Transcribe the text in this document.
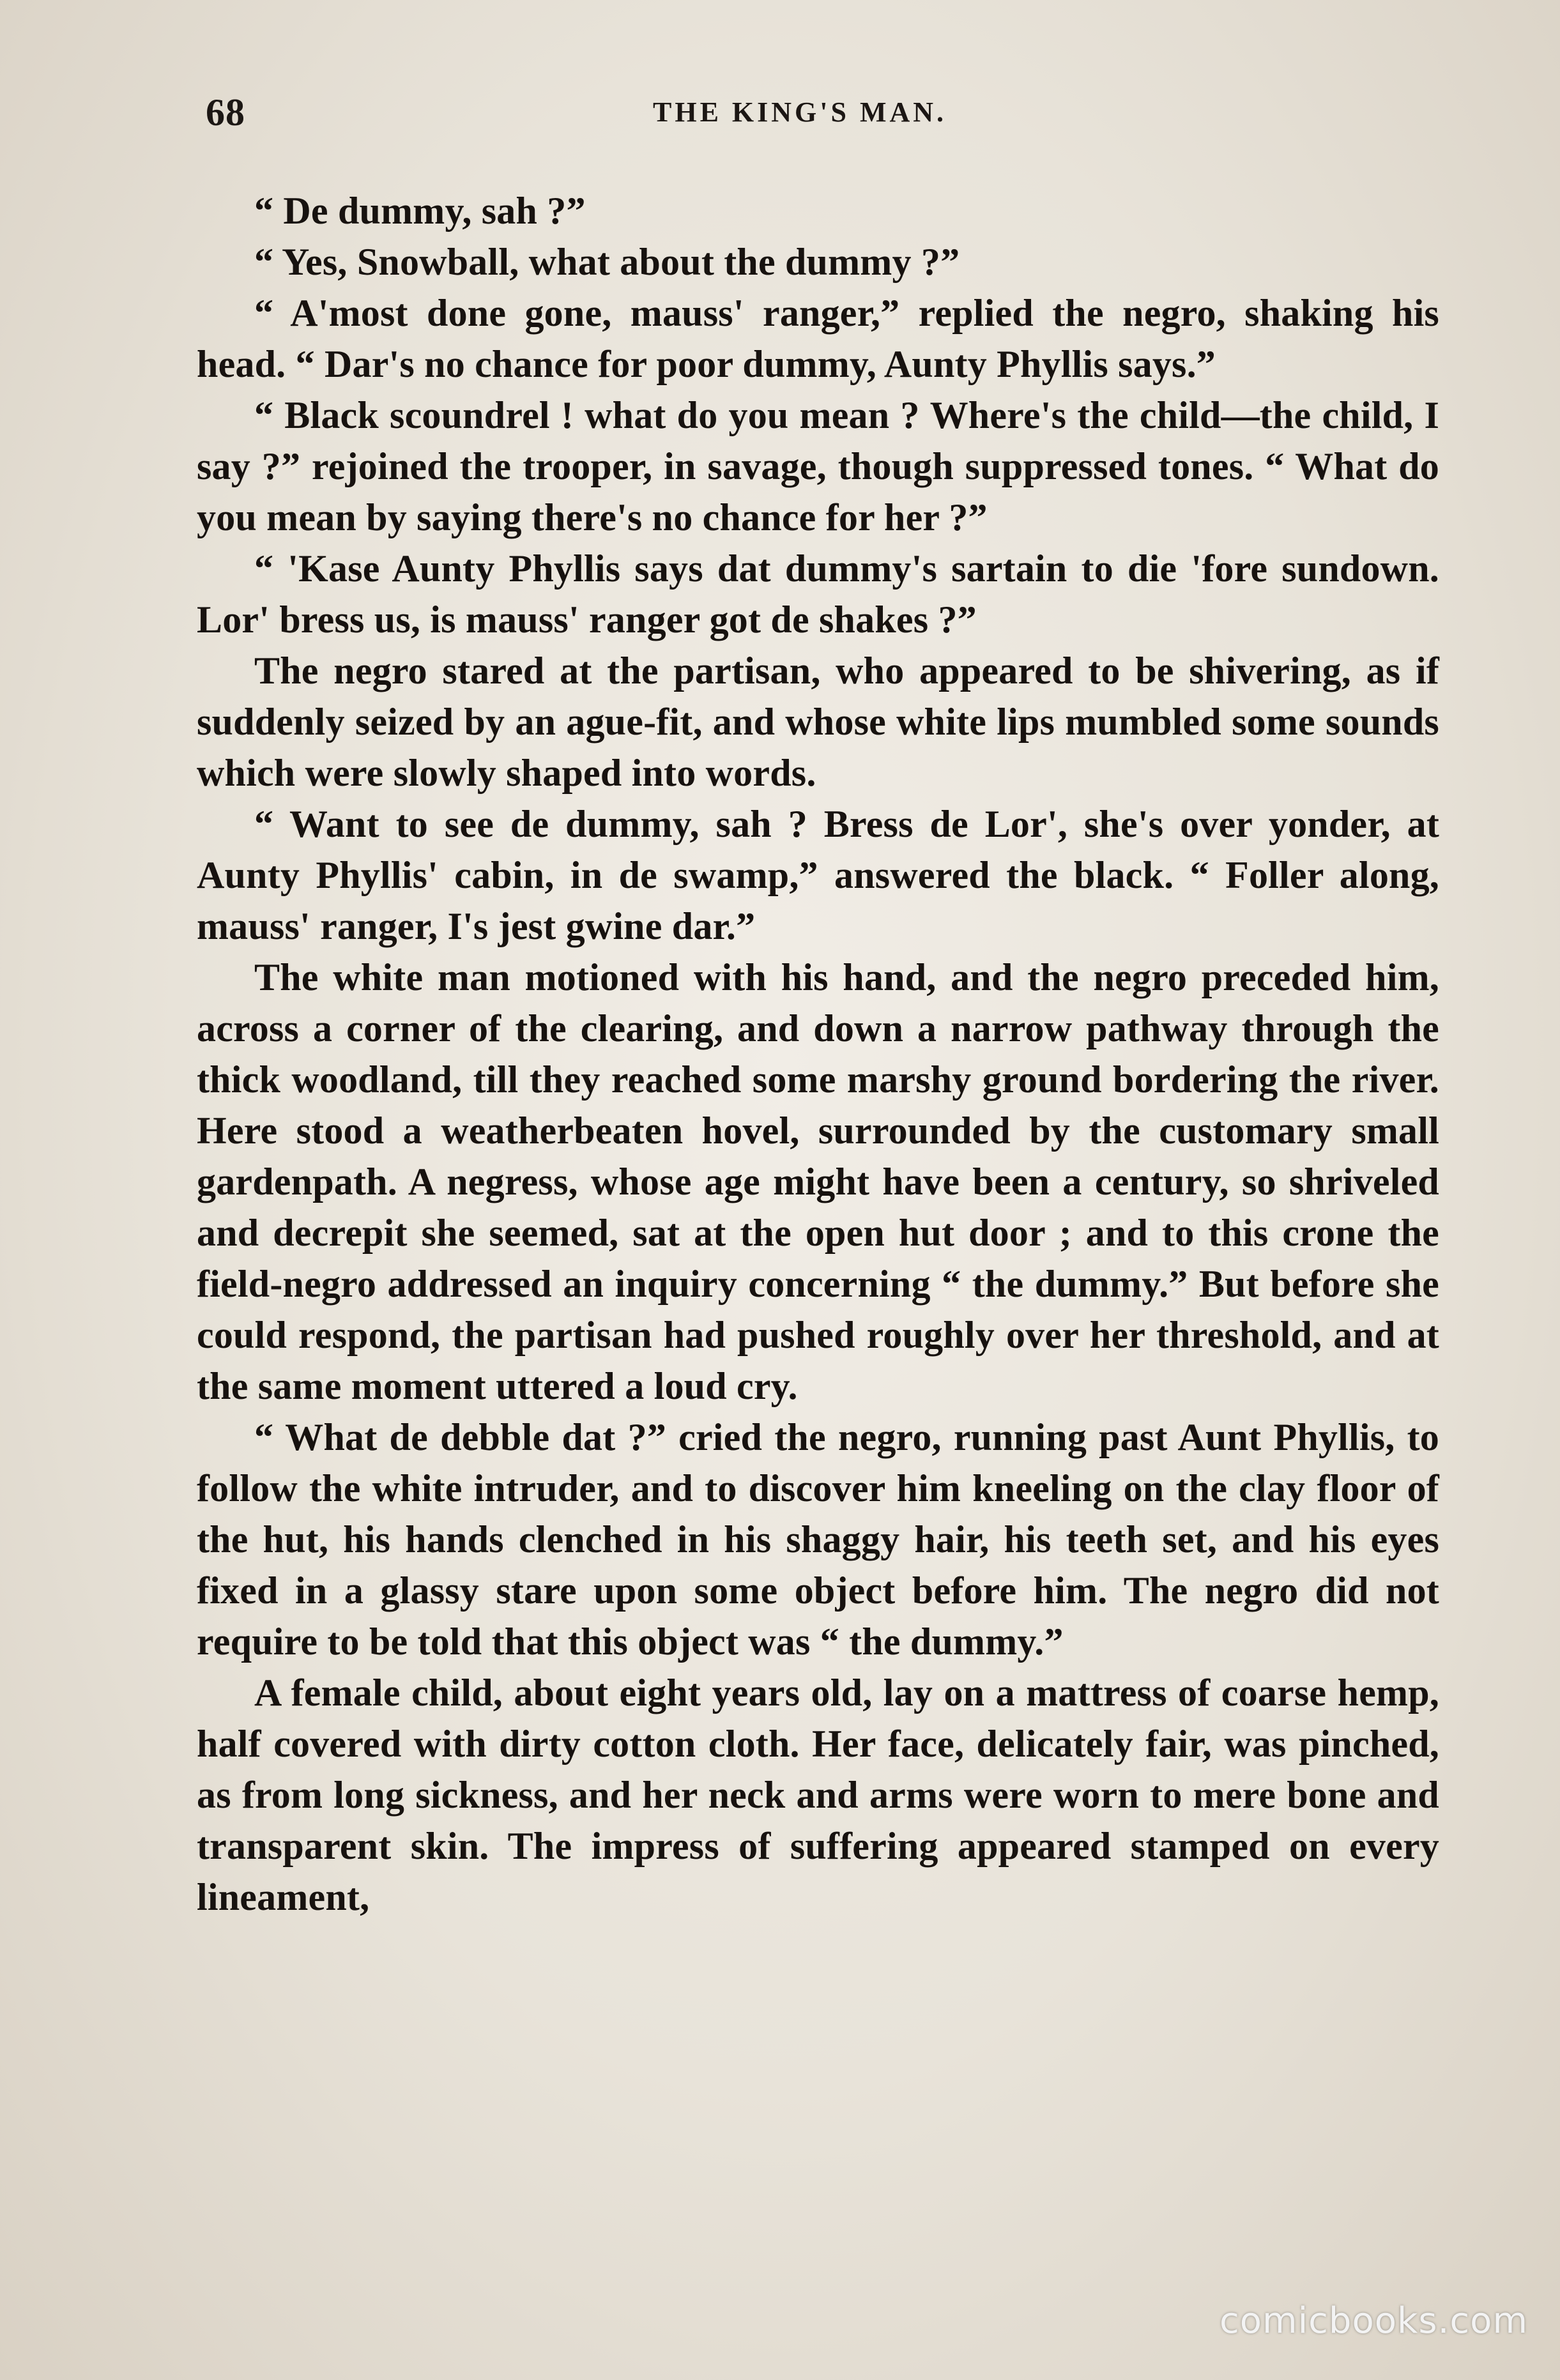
68	THE KING'S MAN.

“ De dummy, sah ?”

“ Yes, Snowball, what about the dummy ?”

“ A'most done gone, mauss' ranger,” replied the negro, shaking his head. “ Dar's no chance for poor dummy, Aunty Phyllis says.”

“ Black scoundrel ! what do you mean ? Where's the child—the child, I say ?” rejoined the trooper, in savage, though suppressed tones. “ What do you mean by saying there's no chance for her ?”

“ 'Kase Aunty Phyllis says dat dummy's sartain to die 'fore sundown. Lor' bress us, is mauss' ranger got de shakes ?”

The negro stared at the partisan, who appeared to be shivering, as if suddenly seized by an ague-fit, and whose white lips mumbled some sounds which were slowly shaped into words.

“ Want to see de dummy, sah ? Bress de Lor', she's over yonder, at Aunty Phyllis' cabin, in de swamp,” answered the black. “ Foller along, mauss' ranger, I's jest gwine dar.”

The white man motioned with his hand, and the negro preceded him, across a corner of the clearing, and down a narrow pathway through the thick woodland, till they reached some marshy ground bordering the river. Here stood a weatherbeaten hovel, surrounded by the customary small gardenpath. A negress, whose age might have been a century, so shriveled and decrepit she seemed, sat at the open hut door ; and to this crone the field-negro addressed an inquiry concerning “ the dummy.” But before she could respond, the partisan had pushed roughly over her threshold, and at the same moment uttered a loud cry.

“ What de debble dat ?” cried the negro, running past Aunt Phyllis, to follow the white intruder, and to discover him kneeling on the clay floor of the hut, his hands clenched in his shaggy hair, his teeth set, and his eyes fixed in a glassy stare upon some object before him. The negro did not require to be told that this object was “ the dummy.”

A female child, about eight years old, lay on a mattress of coarse hemp, half covered with dirty cotton cloth. Her face, delicately fair, was pinched, as from long sickness, and her neck and arms were worn to mere bone and transparent skin. The impress of suffering appeared stamped on every lineament,

comicbooks.com
